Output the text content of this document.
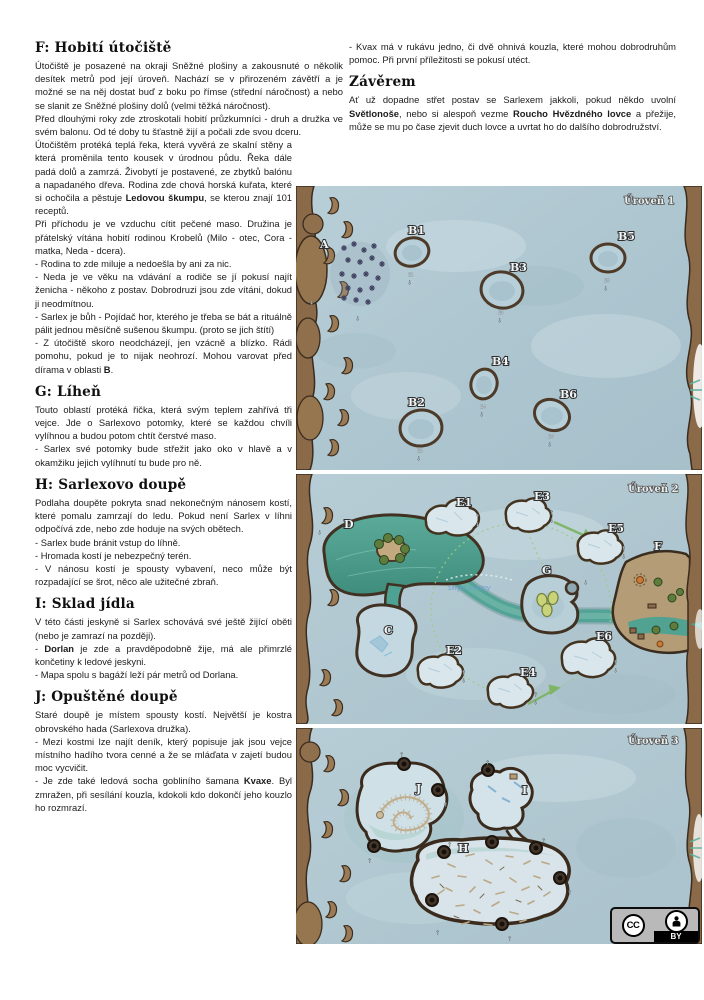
F: Hobití útočiště

Útočiště je posazené na okraji Sněžné plošiny a zakousnuté o několik desítek metrů pod její úroveň. Nachází se v přirozeném závětří a je možné se na něj dostat buď z boku po římse (střední náročnost) a nebo se slanit ze Sněžné plošiny dolů (velmi těžká náročnost).

Před dlouhými roky zde ztroskotali hobití průzkumníci - druh a družka ve svém balonu. Od té doby tu šťastně žijí a počali zde svou dceru.

Útočištěm protéká teplá řeka, která vyvěrá ze skalní stěny a která proměnila tento kousek v úrodnou půdu. Řeka dále padá dolů a zamrzá. Živobytí je postavené, ze zbytků balónu a napadaného dřeva. Rodina zde chová horská kuřata, které si ochočila a pěstuje Ledovou škumpu, se kterou znají 101 receptů.

Při příchodu je ve vzduchu cítit pečené maso. Družina je přátelský vítána hobití rodinou Krobelů (Milo - otec, Cora - matka, Neda - dcera).

- Rodina to zde miluje a nedoešla by ani za nic.

- Neda je ve věku na vdávání a rodiče se jí pokusí najít ženicha - někoho z postav. Dobrodruzi jsou zde vítáni, dokud ji neodmítnou.

- Sarlex je bůh - Pojídač hor, kterého je třeba se bát a rituálně pálit jednou měsíčně sušenou škumpu. (proto se jich štítí)

- Z útočiště skoro neodcházejí, jen vzácně a blízko. Rádi pomohu, pokud je to nijak neohrozí. Mohou varovat před dírama v oblasti B.

G: Líheň

Touto oblastí protéká řička, která svým teplem zahřívá tři vejce. Jde o Sarlexovo potomky, které se každou chvíli vylíhnou a budou potom chtít čerstvé maso.

- Sarlex své potomky bude střežit jako oko v hlavě a v okamžiku jejich vylíhnutí tu bude pro ně.

H: Sarlexovo doupě

Podlaha doupěte pokryta snad nekonečným nánosem kostí, které pomalu zamrzají do ledu. Pokud není Sarlex v líhni odpočívá zde, nebo zde hoduje na svých obětech.

- Sarlex bude bránit vstup do líhně.

- Hromada kostí je nebezpečný terén.

- V nánosu kostí je spousty vybavení, neco může být rozpadající se šrot, něco ale užitečné zbraň.

I: Sklad jídla

V této části jeskyně si Sarlex schovává své ještě žijící oběti (nebo je zamrazí na později).

- Dorlan je zde a pravděpodobně žije, má ale přimrzlé končetiny k ledové jeskyni.

- Mapa spolu s bagáží leží pár metrů od Dorlana.

J: Opuštěné doupě

Staré doupě je místem spousty kostí. Největší je kostra obrovského hada (Sarlexova družka).

- Mezi kostmi lze najít deník, který popisuje jak jsou vejce místního hadího tvora cenné a že se mláďata v zajetí budou moc vycvičit.

- Je zde také ledová socha gobliního šamana Kvaxe. Byl zmražen, při sesílání kouzla, kdokoli kdo dokončí jeho kouzlo ho rozmrazí.

- Kvax má v rukávu jedno, či dvě ohnivá kouzla, které mohou dobrodruhům pomoc. Při první příležitosti se pokusí utéct.

Závěrem

Ať už dopadne střet postav se Sarlexem jakkoli, pokud někdo uvolní Světlonoše, nebo si alespoň vezme Roucho Hvězdného lovce a přežije, může se mu po čase zjevit duch lovce a uvrtat ho do dalšího dobrodružství.

Úroveň 1
A
B1
B3
B5
B4
B2
B6
E1
↓
E3
↓
E5
↓
E4
↓
E2
↓
E6
↓
↓
↓
skryté pukliny
Úroveň 2
D
C
E1	E3
E5
E2
E4
E6
F
G
↑
↓
↑
↓
↑
↓
↑
↓
↑
↓
↑
↓
↓
↓
Úroveň 3
J	I
H
↑
↑
↑
↑
↑
↑
↑
↑
↑
CC
BY
